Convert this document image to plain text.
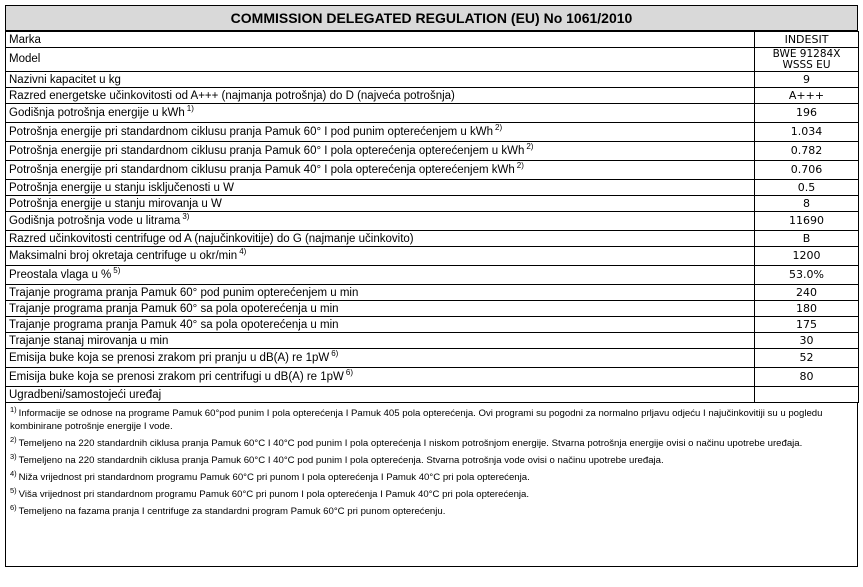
COMMISSION DELEGATED REGULATION (EU) No 1061/2010
Marka	INDESIT
Model	BWE 91284X
WSSS EU
Nazivni kapacitet u kg	9
Razred energetske učinkovitosti od A+++ (najmanja potrošnja) do D (najveća potrošnja)	A+++
Godišnja potrošnja energije u kWh $^{1)}$	196
Potrošnja energije pri standardnom ciklusu pranja Pamuk 60° I pod punim opterećenjem u kWh $^{2)}$	1.034
Potrošnja energije pri standardnom ciklusu pranja Pamuk 60° I pola opterećenja opterećenjem u kWh $^{2)}$	0.782
Potrošnja energije pri standardnom ciklusu pranja Pamuk 40° I pola opterećenja opterećenjem kWh $^{2)}$	0.706
Potrošnja energije u stanju isključenosti u W	0.5
Potrošnja energije u stanju mirovanja u W	8
Godišnja potrošnja vode u litrama $^{3)}$	11690
Razred učinkovitosti centrifuge od A (najučinkovitije) do G (najmanje učinkovito)	B
Maksimalni broj okretaja centrifuge u okr/min $^{4)}$	1200
Preostala vlaga u % $^{5)}$	53.0%
Trajanje programa pranja Pamuk 60° pod punim opterećenjem u min	240
Trajanje programa pranja Pamuk 60° sa pola opoterećenja u min	180
Trajanje programa pranja Pamuk 40° sa pola opoterećenja u min	175
Trajanje stanaj mirovanja u min	30
Emisija buke koja se prenosi zrakom pri pranju u dB(A) re 1pW $^{6)}$	52
Emisija buke koja se prenosi zrakom pri centrifugi u dB(A) re 1pW $^{6)}$	80
Ugradbeni/samostojeći uređaj	

$^{1)}$ Informacije se odnose na programe Pamuk 60°pod punim I pola opterećenja I Pamuk 405 pola opterećenja. Ovi programi su pogodni za normalno prljavu odjeću I najučinkovitiji su u pogledu kombinirane potrošnje energije I vode.

$^{2)}$ Temeljeno na 220 standardnih ciklusa pranja Pamuk 60°C I 40°C pod punim I pola opterećenja I niskom potrošnjom energije. Stvarna potrošnja energije ovisi o načinu upotrebe uređaja.

$^{3)}$ Temeljeno na 220 standardnih ciklusa pranja Pamuk 60°C I 40°C pod punim I pola opterećenja. Stvarna potrošnja vode ovisi o načinu upotrebe uređaja.

$^{4)}$ Niža vrijednost pri standardnom programu Pamuk 60°C pri punom I pola opterećenja I Pamuk 40°C pri pola opterećenja.

$^{5)}$ Viša vrijednost pri standardnom programu Pamuk 60°C pri punom I pola opterećenja I Pamuk 40°C pri pola opterećenja.

$^{6)}$ Temeljeno na fazama pranja I centrifuge za standardni program Pamuk 60°C pri punom opterećenju.
